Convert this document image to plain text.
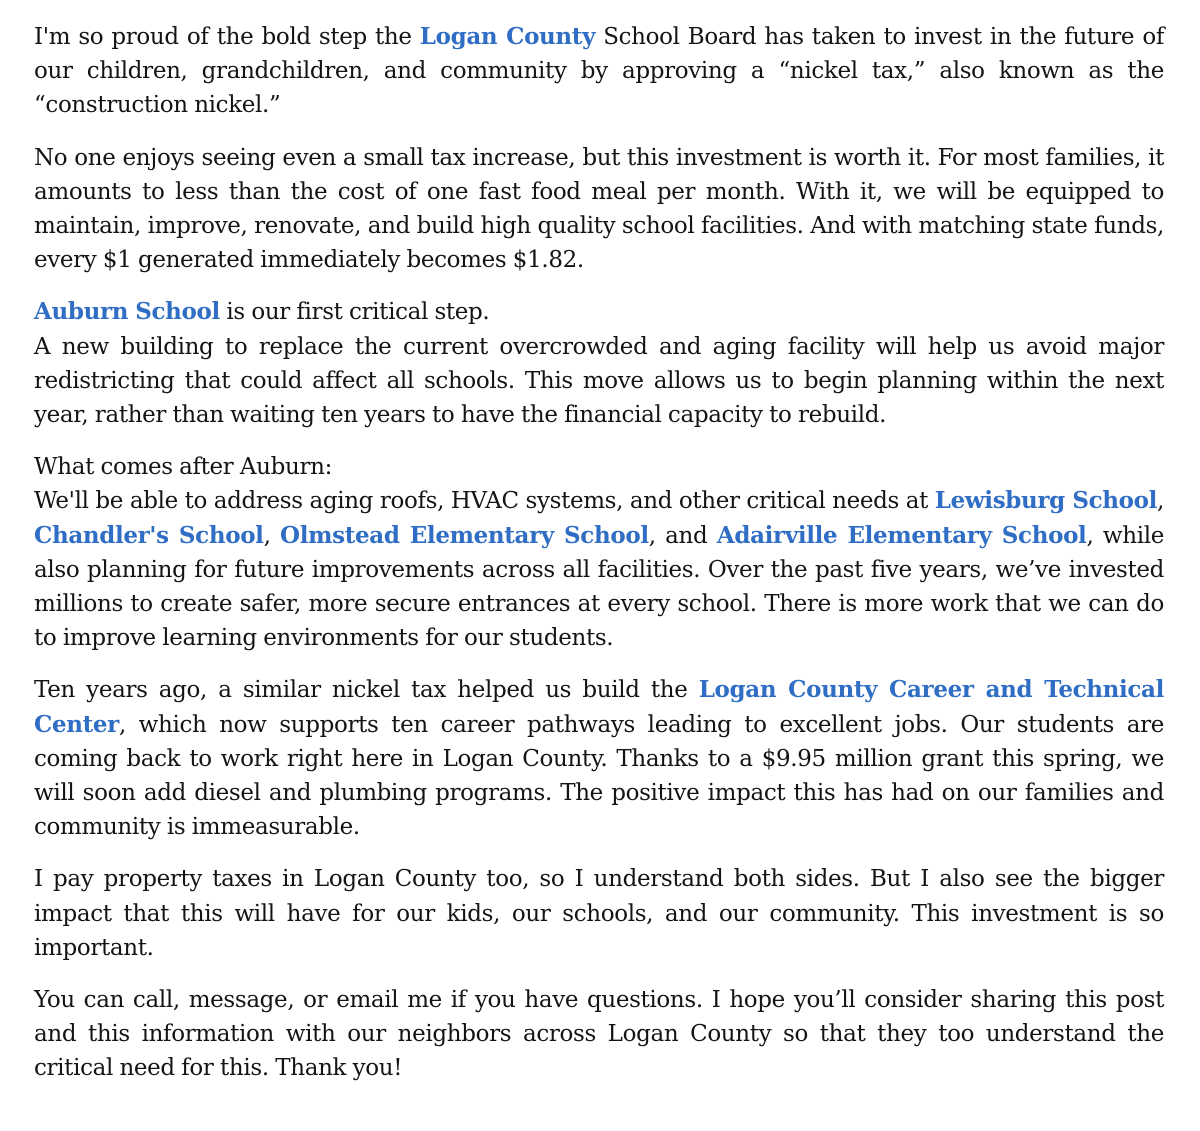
I'm so proud of the bold step the Logan County School Board has taken to invest in the future of our children, grandchildren, and community by approving a “nickel tax,” also known as the “construction nickel.”

No one enjoys seeing even a small tax increase, but this investment is worth it. For most families, it amounts to less than the cost of one fast food meal per month. With it, we will be equipped to maintain, improve, renovate, and build high quality school facilities. And with matching state funds, every $1 generated immediately becomes $1.82.

Auburn School is our first critical step.

A new building to replace the current overcrowded and aging facility will help us avoid major redistricting that could affect all schools. This move allows us to begin planning within the next year, rather than waiting ten years to have the financial capacity to rebuild.

What comes after Auburn:

We'll be able to address aging roofs, HVAC systems, and other critical needs at Lewisburg School, Chandler's School, Olmstead Elementary School, and Adairville Elementary School, while also planning for future improvements across all facilities. Over the past five years, we’ve invested millions to create safer, more secure entrances at every school. There is more work that we can do to improve learning environments for our students.

Ten years ago, a similar nickel tax helped us build the Logan County Career and Technical Center, which now supports ten career pathways leading to excellent jobs. Our students are coming back to work right here in Logan County. Thanks to a $9.95 million grant this spring, we will soon add diesel and plumbing programs. The positive impact this has had on our families and community is immeasurable.

I pay property taxes in Logan County too, so I understand both sides. But I also see the bigger impact that this will have for our kids, our schools, and our community. This investment is so important.

You can call, message, or email me if you have questions. I hope you’ll consider sharing this post and this information with our neighbors across Logan County so that they too understand the critical need for this. Thank you!
